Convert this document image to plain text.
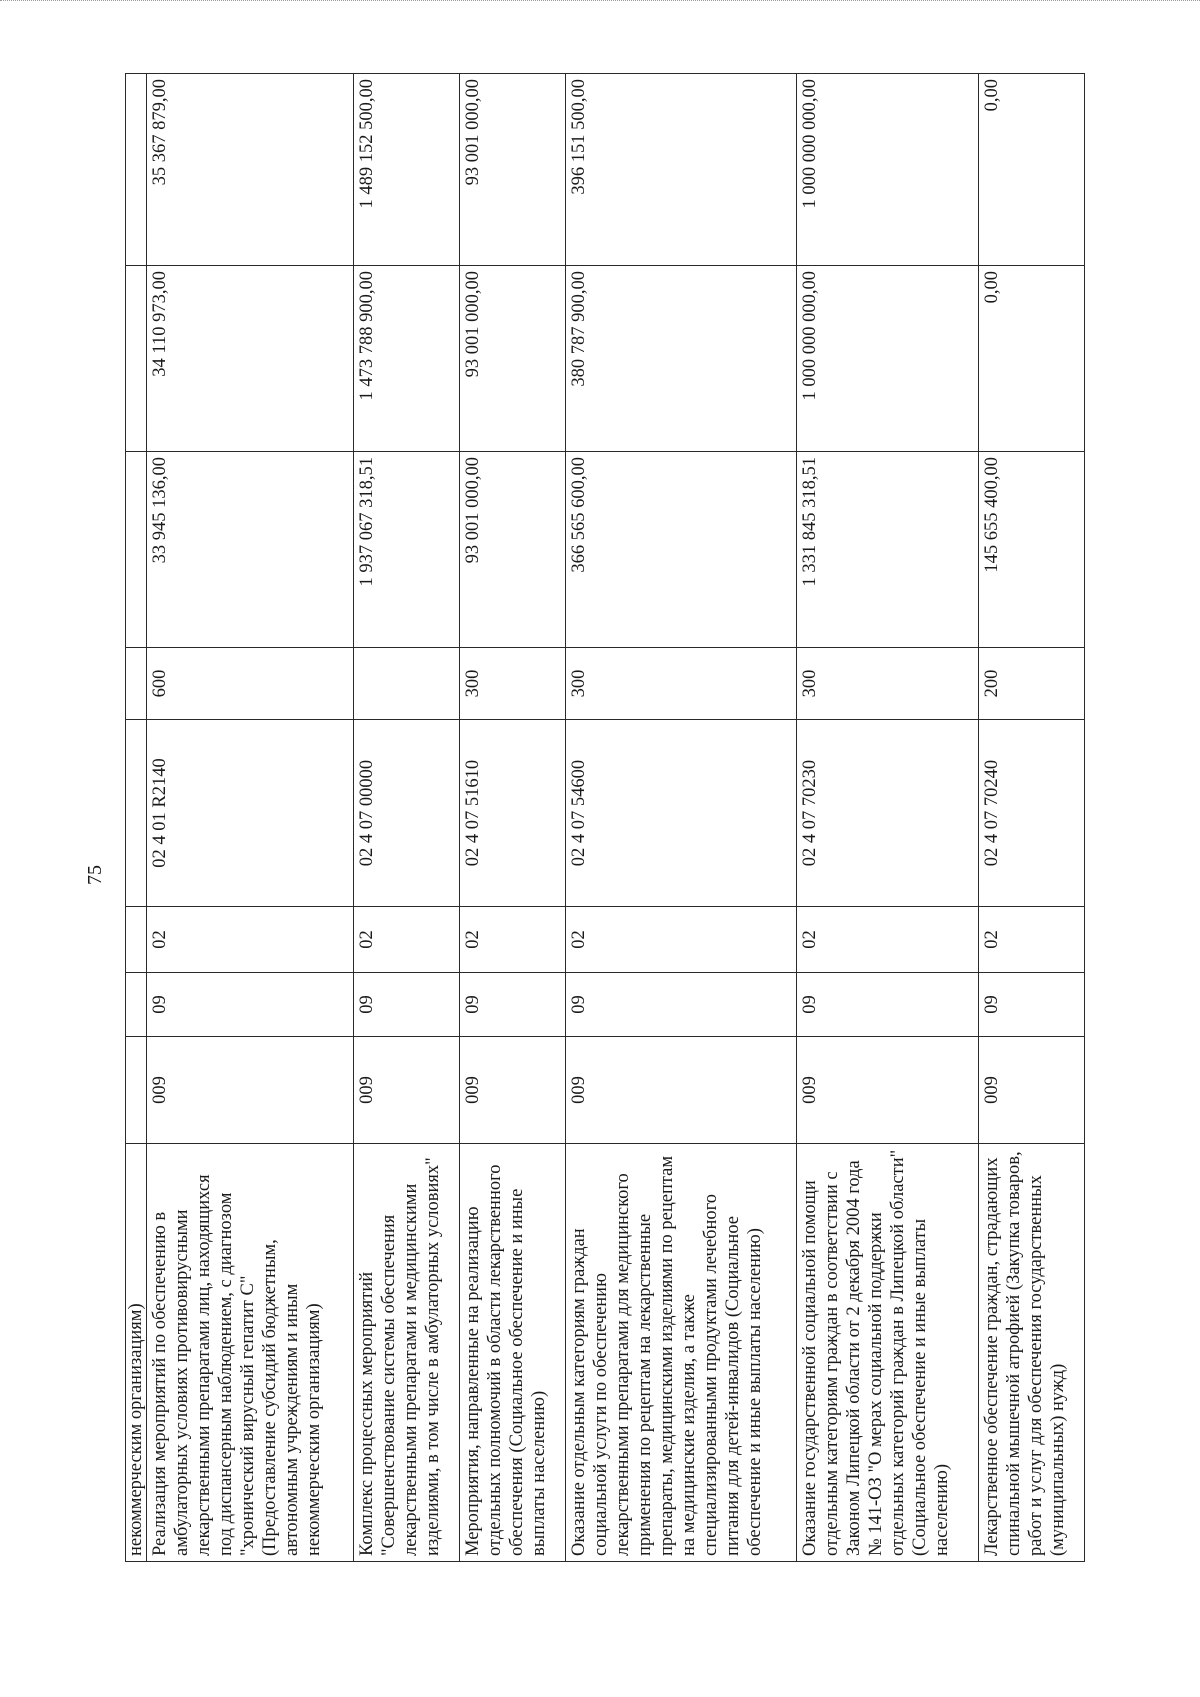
75
некоммерческим организациям)								
Реализация мероприятий по обеспечению в амбулаторных условиях противовирусными лекарственными препаратами лиц, находящихся под диспансерным наблюдением, с диагнозом "хронический вирусный гепатит С" (Предоставление субсидий бюджетным, автономным учреждениям и иным некоммерческим организациям)	009	09	02	02 4 01 R2140	600	33 945 136,00	34 110 973,00	35 367 879,00
Комплекс процессных мероприятий "Совершенствование системы обеспечения лекарственными препаратами и медицинскими изделиями, в том числе в амбулаторных условиях"	009	09	02	02 4 07 00000		1 937 067 318,51	1 473 788 900,00	1 489 152 500,00
Мероприятия, направленные на реализацию отдельных полномочий в области лекарственного обеспечения (Социальное обеспечение и иные выплаты населению)	009	09	02	02 4 07 51610	300	93 001 000,00	93 001 000,00	93 001 000,00
Оказание отдельным категориям граждан социальной услуги по обеспечению лекарственными препаратами для медицинского применения по рецептам на лекарственные препараты, медицинскими изделиями по рецептам на медицинские изделия, а также специализированными продуктами лечебного питания для детей-инвалидов (Социальное обеспечение и иные выплаты населению)	009	09	02	02 4 07 54600	300	366 565 600,00	380 787 900,00	396 151 500,00
Оказание государственной социальной помощи отдельным категориям граждан в соответствии с Законом Липецкой области от 2 декабря 2004 года № 141-ОЗ "О мерах социальной поддержки отдельных категорий граждан в Липецкой области" (Социальное обеспечение и иные выплаты населению)	009	09	02	02 4 07 70230	300	1 331 845 318,51	1 000 000 000,00	1 000 000 000,00
Лекарственное обеспечение граждан, страдающих спинальной мышечной атрофией (Закупка товаров, работ и услуг для обеспечения государственных (муниципальных) нужд)	009	09	02	02 4 07 70240	200	145 655 400,00	0,00	0,00
